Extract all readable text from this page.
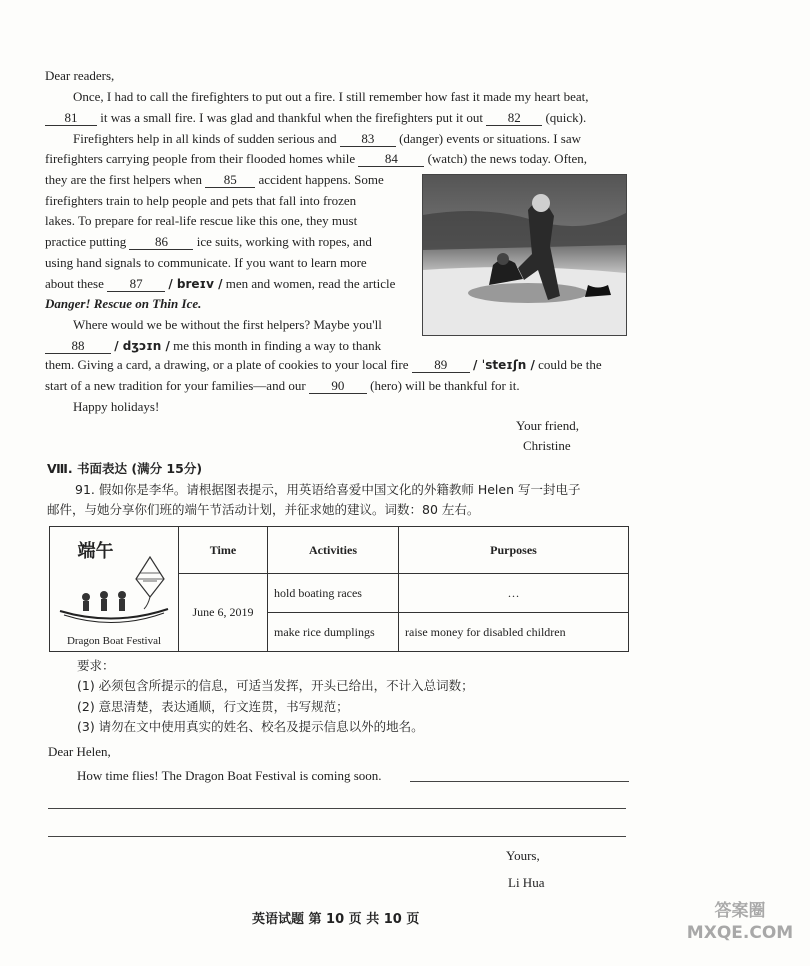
Dear readers,
Once, I had to call the firefighters to put out a fire. I still remember how fast it made my heart beat,
81 it was a small fire. I was glad and thankful when the firefighters put it out 82 (quick).
Firefighters help in all kinds of sudden serious and 83 (danger) events or situations. I saw
firefighters carrying people from their flooded homes while 84 (watch) the news today. Often,
they are the first helpers when 85 accident happens. Some
firefighters train to help people and pets that fall into frozen
lakes. To prepare for real-life rescue like this one, they must
practice putting 86 ice suits, working with ropes, and
using hand signals to communicate. If you want to learn more
about these 87 / breɪv / men and women, read the article
Danger! Rescue on Thin Ice.
Where would we be without the first helpers? Maybe you'll
88 / dʒɔɪn / me this month in finding a way to thank
them. Giving a card, a drawing, or a plate of cookies to your local fire 89 / ˈsteɪʃn / could be the
start of a new tradition for your families—and our 90 (hero) will be thankful for it.
Happy holidays!
Your friend,
Christine
Ⅷ. 书面表达 (满分 15分)
91. 假如你是李华。请根据图表提示，用英语给喜爱中国文化的外籍教师 Helen 写一封电子
邮件，与她分享你们班的端午节活动计划，并征求她的建议。词数：80 左右。
端午
Dragon Boat Festival	Time	Activities	Purposes
	June 6, 2019	hold boating races	…
		make rice dumplings	raise money for disabled children
要求：
(1) 必须包含所提示的信息，可适当发挥，开头已给出，不计入总词数；
(2) 意思清楚，表达通顺，行文连贯，书写规范；
(3) 请勿在文中使用真实的姓名、校名及提示信息以外的地名。
Dear Helen,
How time flies! The Dragon Boat Festival is coming soon.
Yours,
Li Hua
英语试题 第 10 页 共 10 页	答案圈 MXQE.COM
